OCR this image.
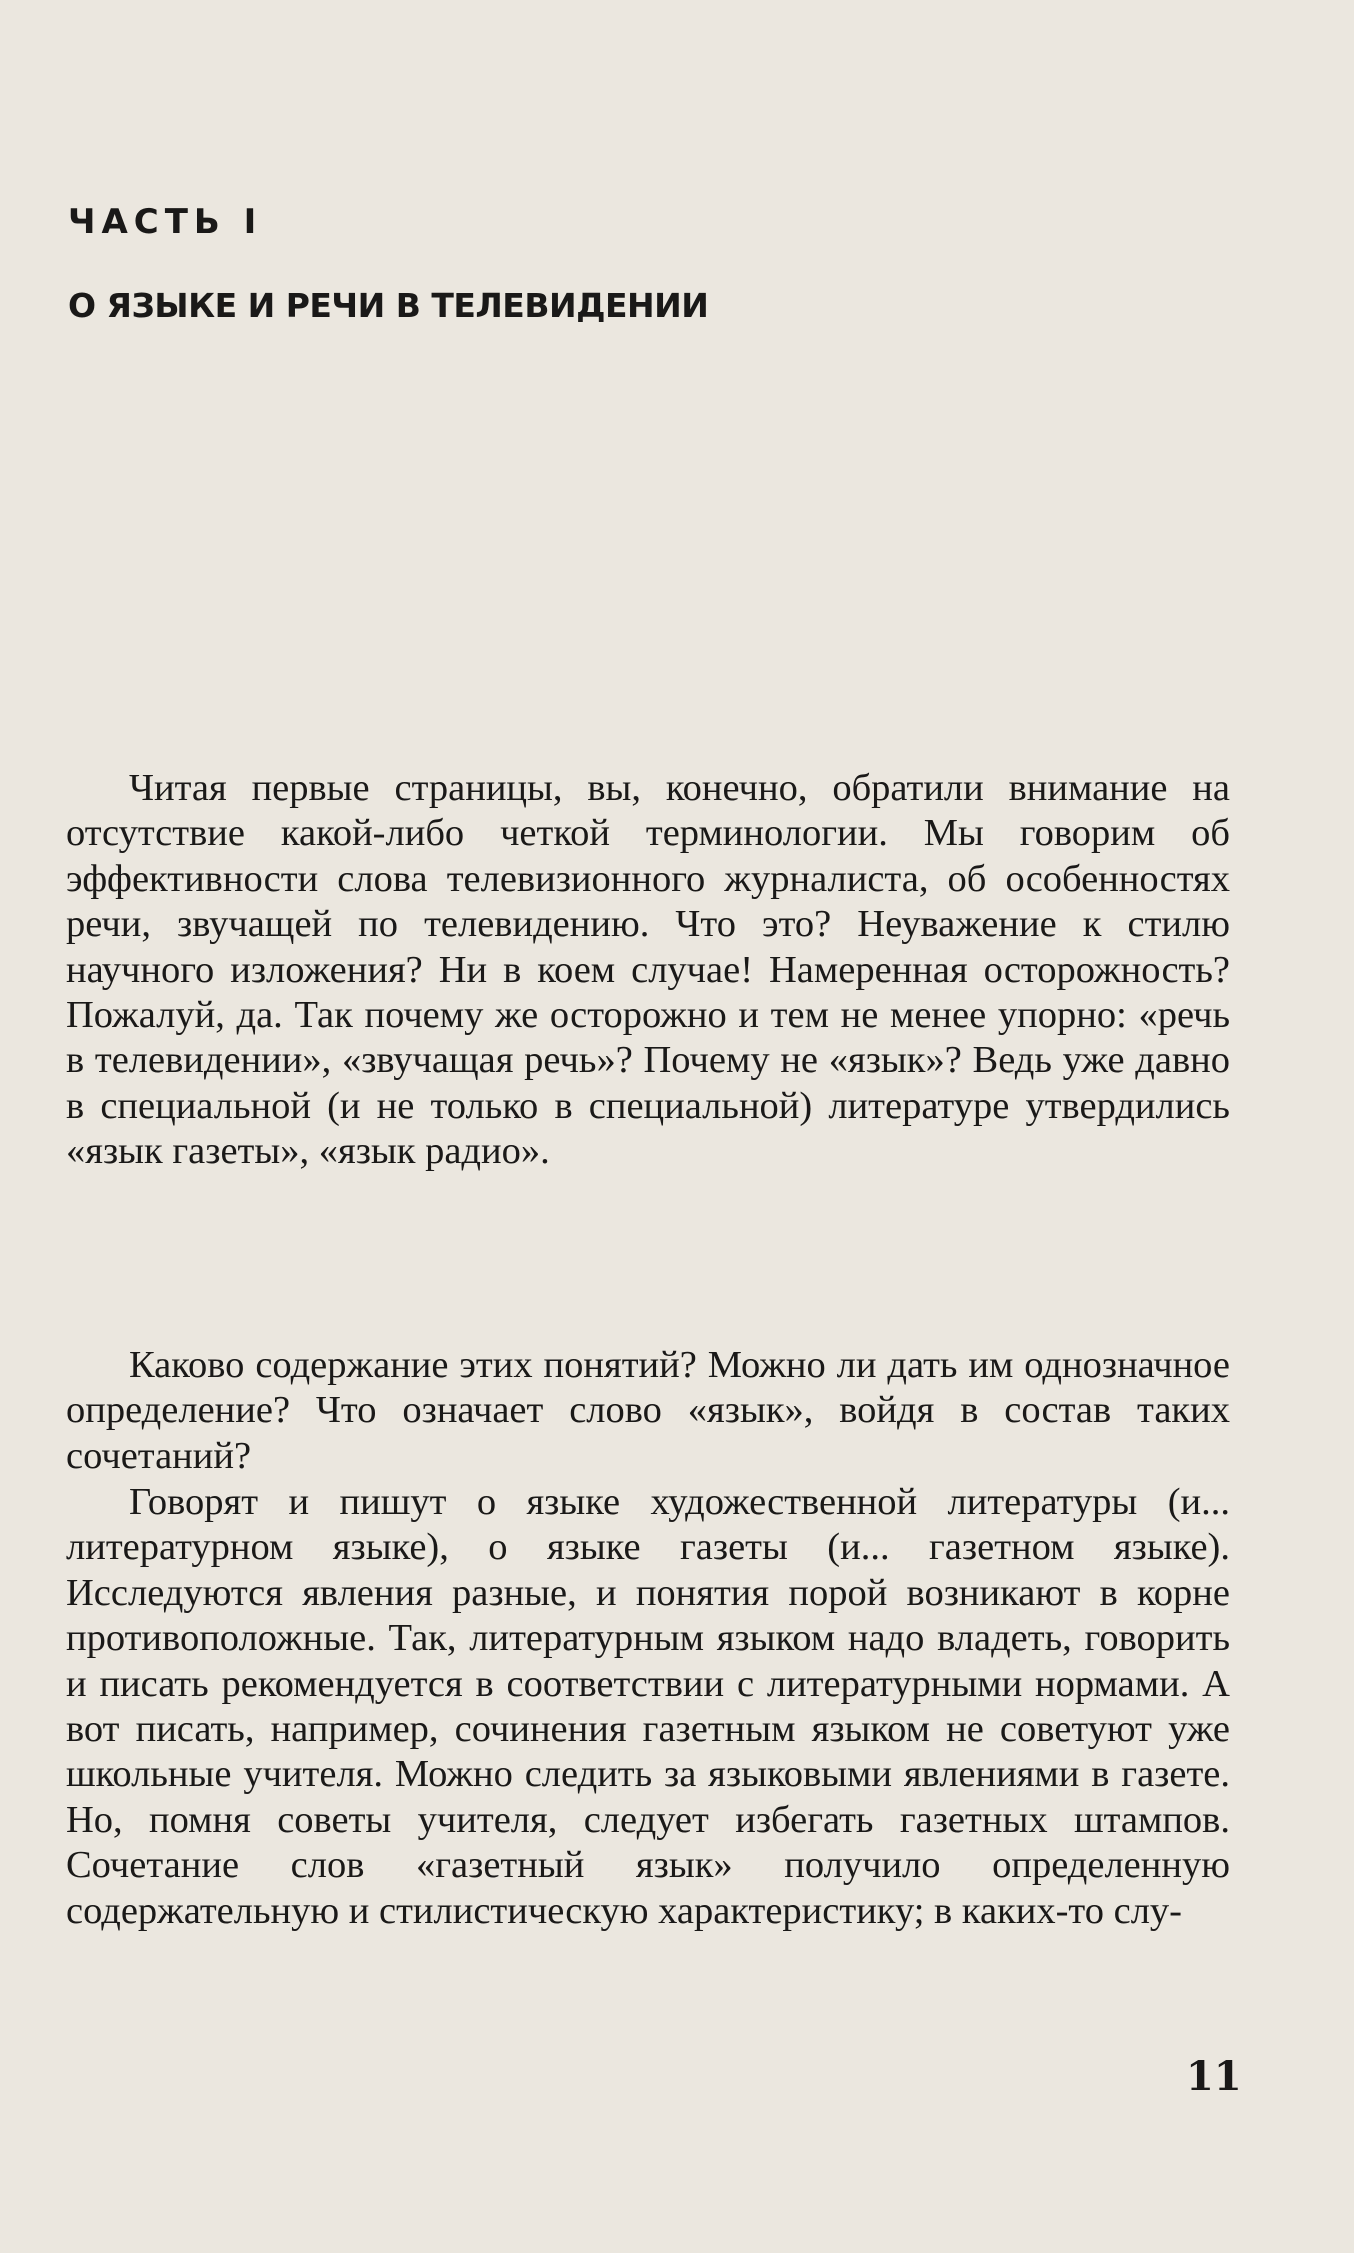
ЧАСТЬ I
О ЯЗЫКЕ И РЕЧИ В ТЕЛЕВИДЕНИИ

Читая первые страницы, вы, конечно, обратили внимание на отсутствие какой-либо четкой терминологии. Мы говорим об эффективности слова телевизионного журналиста, об особенностях речи, звучащей по телевидению. Что это? Неуважение к стилю научного изложения? Ни в коем случае! Намеренная осторожность? Пожалуй, да. Так почему же осторожно и тем не менее упорно: «речь в телевидении», «звучащая речь»? Почему не «язык»? Ведь уже давно в специальной (и не только в специальной) литературе утвердились «язык газеты», «язык радио».

Каково содержание этих понятий? Можно ли дать им однозначное определение? Что означает слово «язык», войдя в состав таких сочетаний?

Говорят и пишут о языке художественной литературы (и... литературном языке), о языке газеты (и... газетном языке). Исследуются явления разные, и понятия порой возникают в корне противоположные. Так, литературным языком надо владеть, говорить и писать рекомендуется в соответствии с литературными нормами. А вот писать, например, сочинения газетным языком не советуют уже школьные учителя. Можно следить за языковыми явлениями в газете. Но, помня советы учителя, следует избегать газетных штампов. Сочетание слов «газетный язык» получило определенную содержательную и стилистическую характеристику; в каких-то слу-

11
